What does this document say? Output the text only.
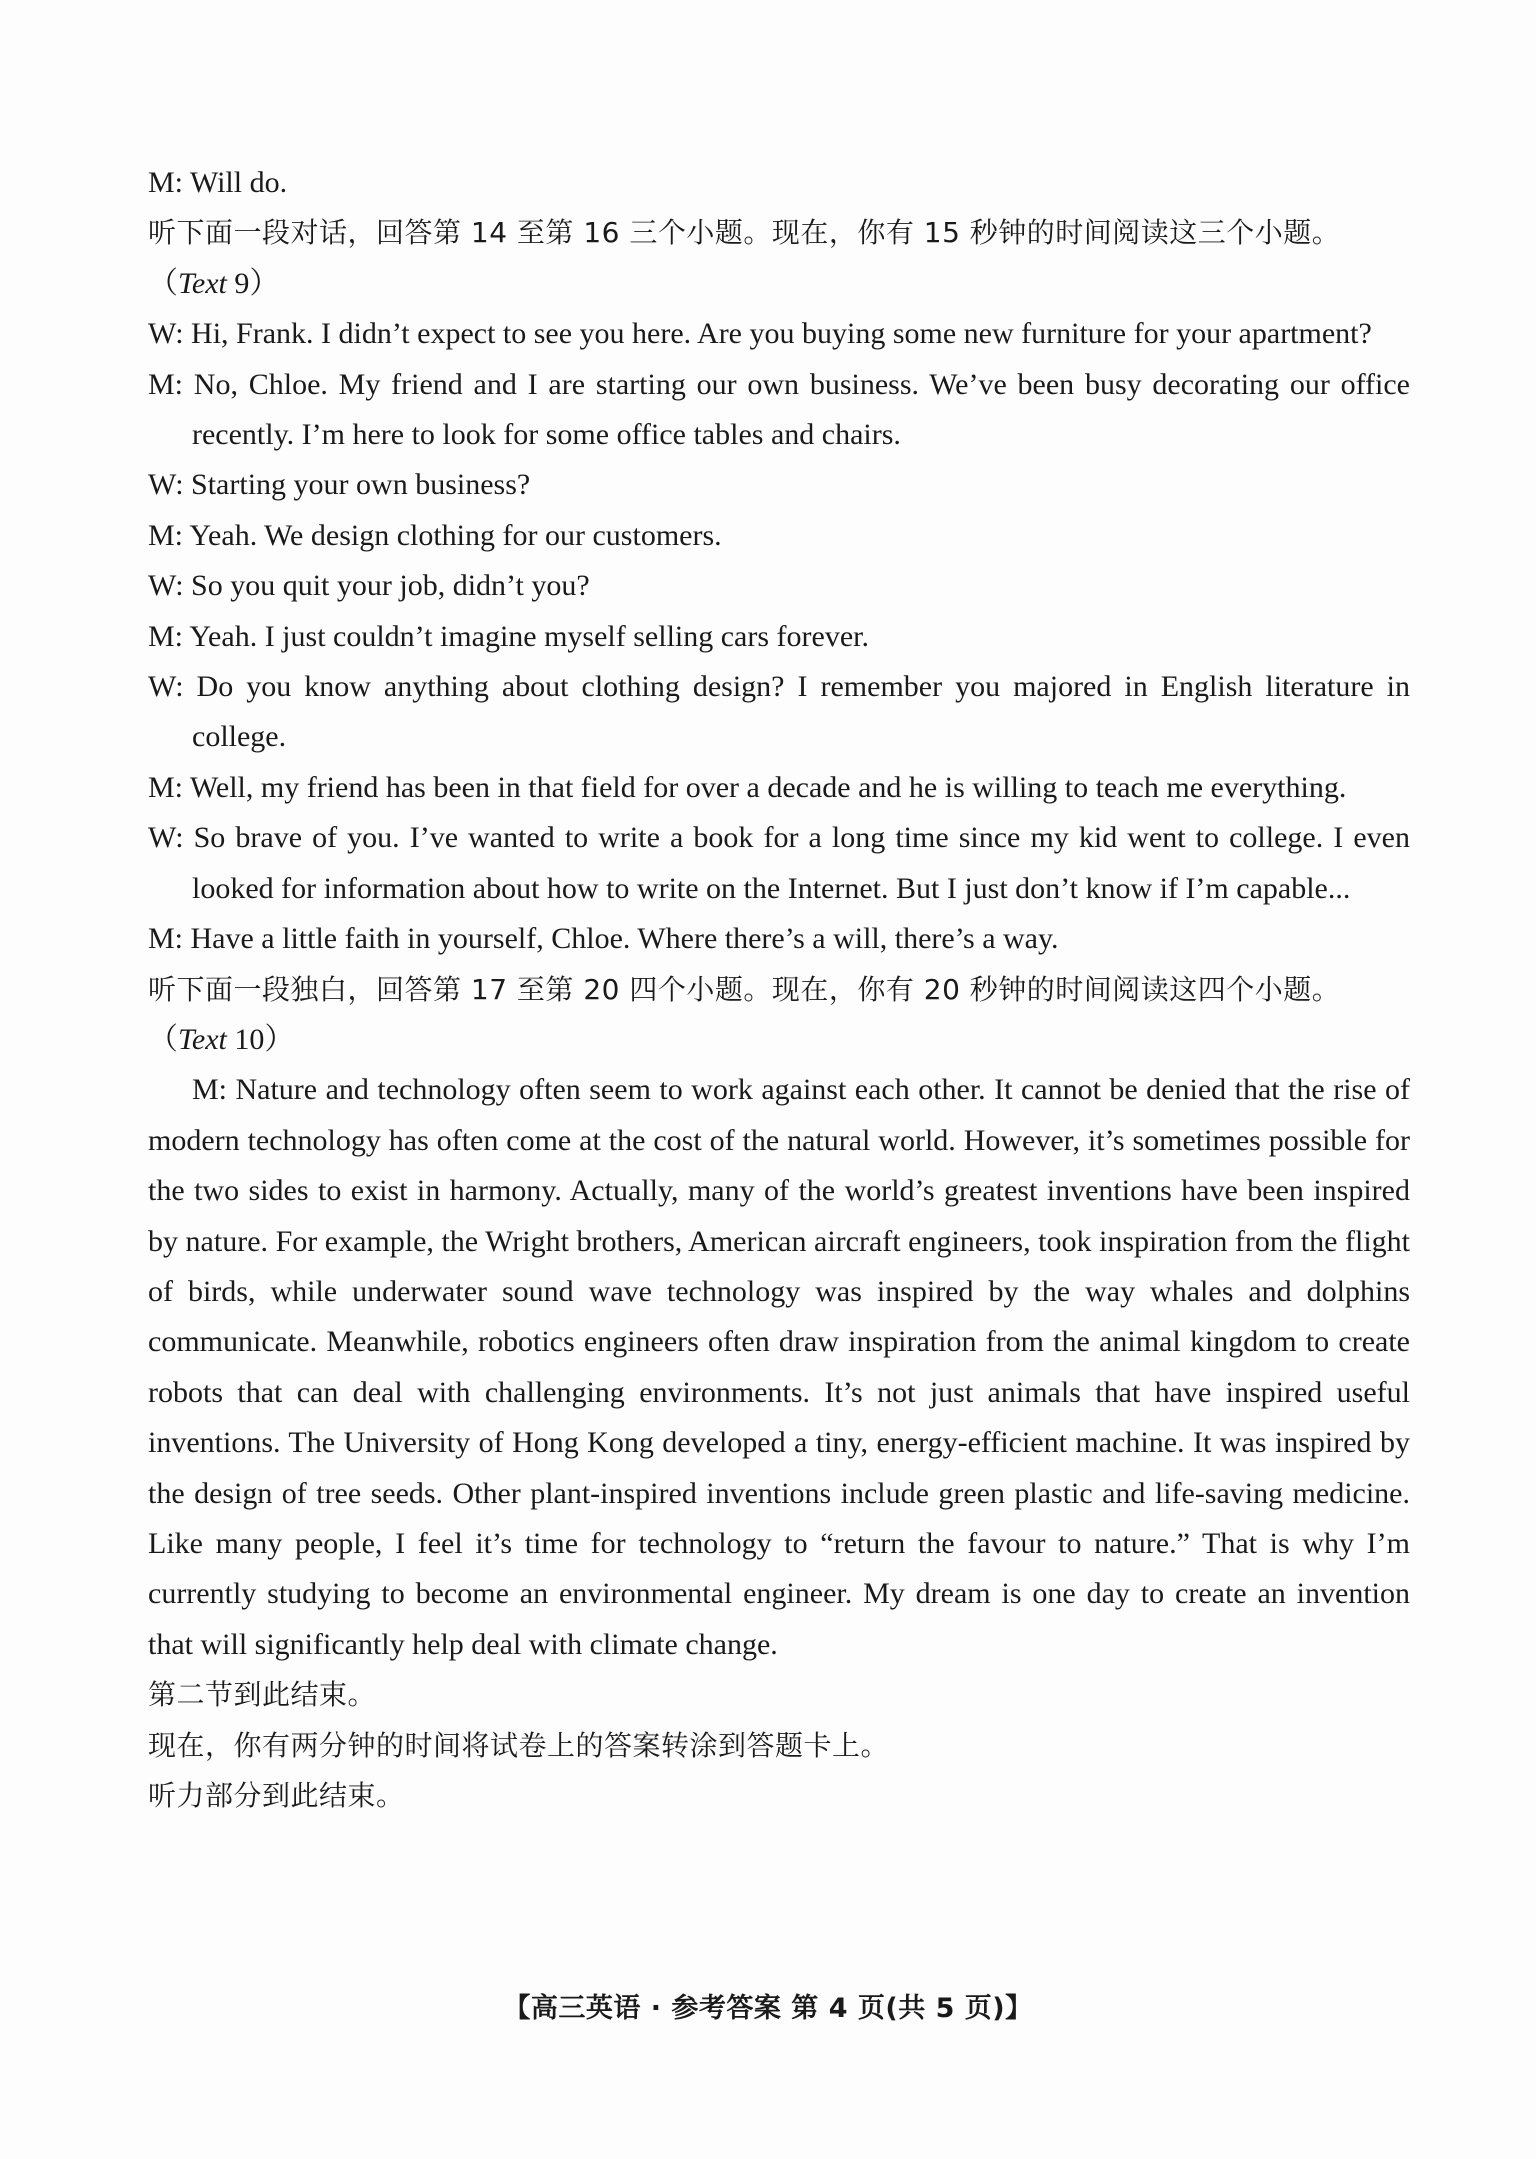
M: Will do.
听下面一段对话，回答第 14 至第 16 三个小题。现在，你有 15 秒钟的时间阅读这三个小题。
（Text 9）
W: Hi, Frank. I didn’t expect to see you here. Are you buying some new furniture for your apartment?
M: No, Chloe. My friend and I are starting our own business. We’ve been busy decorating our office recently. I’m here to look for some office tables and chairs.
W: Starting your own business?
M: Yeah. We design clothing for our customers.
W: So you quit your job, didn’t you?
M: Yeah. I just couldn’t imagine myself selling cars forever.
W: Do you know anything about clothing design? I remember you majored in English literature in college.
M: Well, my friend has been in that field for over a decade and he is willing to teach me everything.
W: So brave of you. I’ve wanted to write a book for a long time since my kid went to college. I even looked for information about how to write on the Internet. But I just don’t know if I’m capable...
M: Have a little faith in yourself, Chloe. Where there’s a will, there’s a way.
听下面一段独白，回答第 17 至第 20 四个小题。现在，你有 20 秒钟的时间阅读这四个小题。
（Text 10）
M: Nature and technology often seem to work against each other. It cannot be denied that the rise of modern technology has often come at the cost of the natural world. However, it’s sometimes possible for the two sides to exist in harmony. Actually, many of the world’s greatest inventions have been inspired by nature. For example, the Wright brothers, American aircraft engineers, took inspiration from the flight of birds, while underwater sound wave technology was inspired by the way whales and dolphins communicate. Meanwhile, robotics engineers often draw inspiration from the animal kingdom to create robots that can deal with challenging environments. It’s not just animals that have inspired useful inventions. The University of Hong Kong developed a tiny, energy-efficient machine. It was inspired by the design of tree seeds. Other plant-inspired inventions include green plastic and life-saving medicine. Like many people, I feel it’s time for technology to “return the favour to nature.” That is why I’m currently studying to become an environmental engineer. My dream is one day to create an invention that will significantly help deal with climate change.
第二节到此结束。
现在，你有两分钟的时间将试卷上的答案转涂到答题卡上。
听力部分到此结束。
【高三英语 · 参考答案 第 4 页(共 5 页)】
